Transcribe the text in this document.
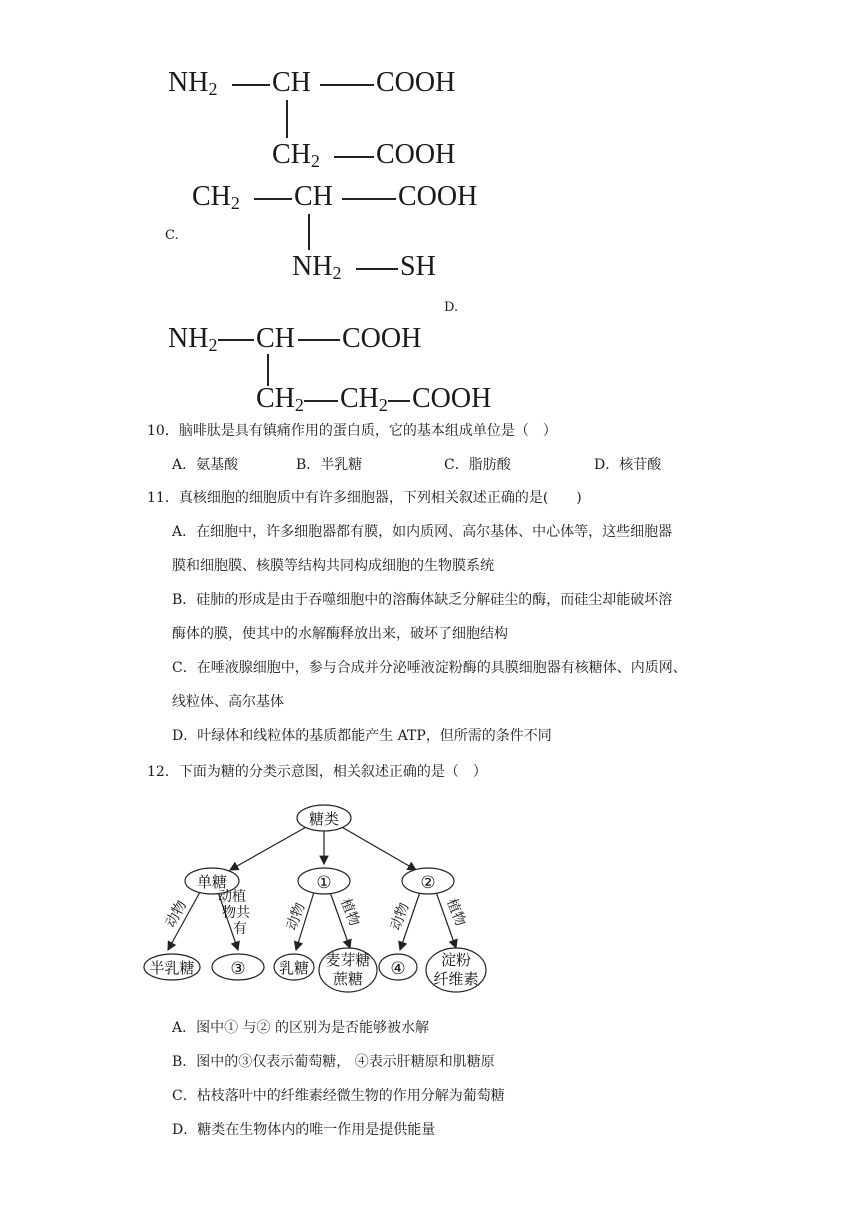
$NH_2$ CH COOH
$CH_2$ COOH
C.
$CH_2$ CH COOH
$NH_2$ SH
D.
$NH_2$ CH COOH
$CH_2$ $CH_2$ COOH
10．脑啡肽是具有镇痛作用的蛋白质，它的基本组成单位是（　）
A．氨基酸	B．半乳糖	C．脂肪酸	D．核苷酸
11．真核细胞的细胞质中有许多细胞器，下列相关叙述正确的是(　　)
A．在细胞中，许多细胞器都有膜，如内质网、高尔基体、中心体等，这些细胞器
膜和细胞膜、核膜等结构共同构成细胞的生物膜系统
B．硅肺的形成是由于吞噬细胞中的溶酶体缺乏分解硅尘的酶，而硅尘却能破坏溶
酶体的膜，使其中的水解酶释放出来，破坏了细胞结构
C．在唾液腺细胞中，参与合成并分泌唾液淀粉酶的具膜细胞器有核糖体、内质网、
线粒体、高尔基体
D．叶绿体和线粒体的基质都能产生 ATP，但所需的条件不同
12．下面为糖的分类示意图，相关叙述正确的是（　）
糖类
单糖	①	②
半乳糖 ③ 乳糖 麦芽糖
蔗糖 ④ 淀粉
纤维素
动物
动植
物共
有	动物 植物 动物 植物
A．图中① 与② 的区别为是否能够被水解
B．图中的③仅表示葡萄糖， ④表示肝糖原和肌糖原
C．枯枝落叶中的纤维素经微生物的作用分解为葡萄糖
D．糖类在生物体内的唯一作用是提供能量
